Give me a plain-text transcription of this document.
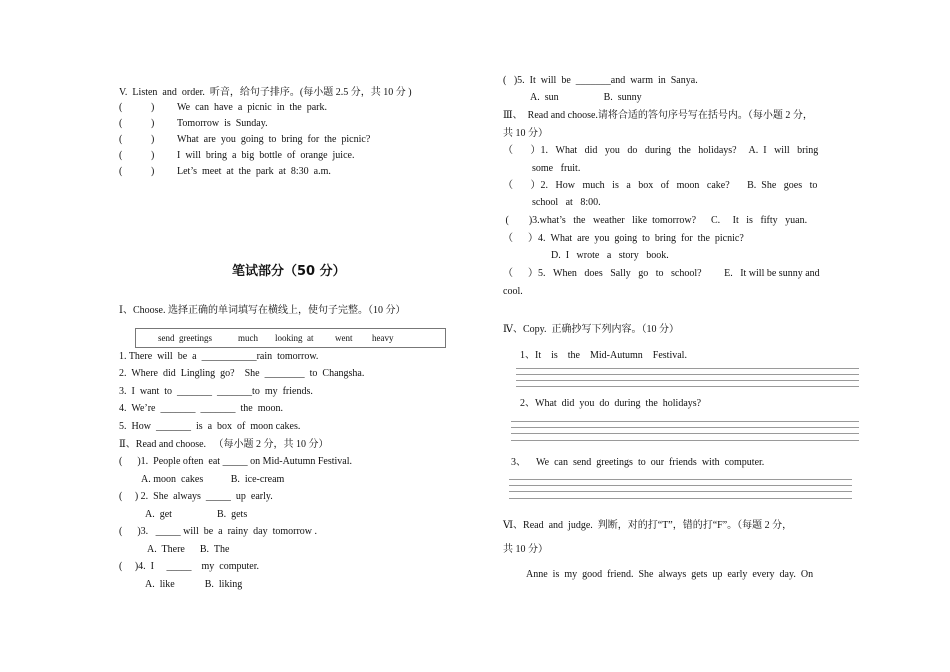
V.  Listen  and  order.  听音，给句子排序。(每小题 2.5 分，共 10 分 )
(	) We  can  have  a  picnic  in  the  park.
(	) Tomorrow  is  Sunday.
(	) What  are  you  going  to  bring  for  the  picnic?
(	) I  will  bring  a  big  bottle  of  orange  juice.
(	) Let’s  meet  at  the  park  at  8:30  a.m.
笔试部分（50 分）
Ⅰ、Choose. 选择正确的单词填写在横线上，使句子完整。（10 分）
send  greetings	much looking  at went heavy
1. There  will  be  a  ___________rain  tomorrow.
2.  Where  did  Lingling  go?    She  ________  to  Changsha.
3.  I  want  to  _______  _______to  my  friends.
4.  We’re  _______  _______  the  moon.
5.  How  _______  is  a  box  of  moon cakes.
Ⅱ、Read and choose.   （每小题 2 分，共 10 分）
(      )1.  People often  eat _____ on Mid-Autumn Festival.
A. moon  cakes           B.  ice-cream
(     ) 2.  She  always  _____  up  early.
A.  get                  B.  gets
(      )3.   _____ will  be  a  rainy  day  tomorrow .
A.  There      B.  The
(     )4.  I     _____    my  computer.
A.  like            B.  liking
(   )5.  It  will  be  _______and  warm  in  Sanya.
A.  sun                  B.  sunny
Ⅲ、  Read and choose.请将合适的答句序号写在括号内。（每小题 2 分，
共 10 分）
（       ）1.   What   did   you   do   during   the   holidays?     A.  I   will   bring
some   fruit.
（       ）2.   How   much   is   a   box   of   moon   cake?       B.  She   goes   to
school   at   8:00.
(        )3.what’s   the   weather   like  tomorrow?      C.     It   is   fifty   yuan.
（      ）4.  What  are  you  going  to  bring  for  the  picnic?
D.  I   wrote   a   story   book.
（      ）5.   When   does   Sally   go   to   school?         E.   It will be sunny and
cool.
Ⅳ、Copy.  正确抄写下列内容。（10 分）
1、It    is    the    Mid-Autumn    Festival.
2、What  did  you  do  during  the  holidays?
3、    We  can  send  greetings  to  our  friends  with  computer.
Ⅵ、Read  and  judge.  判断，对的打“T”，错的打“F”。（每题 2 分，
共 10 分）
Anne  is  my  good  friend.  She  always  gets  up  early  every  day.  On
